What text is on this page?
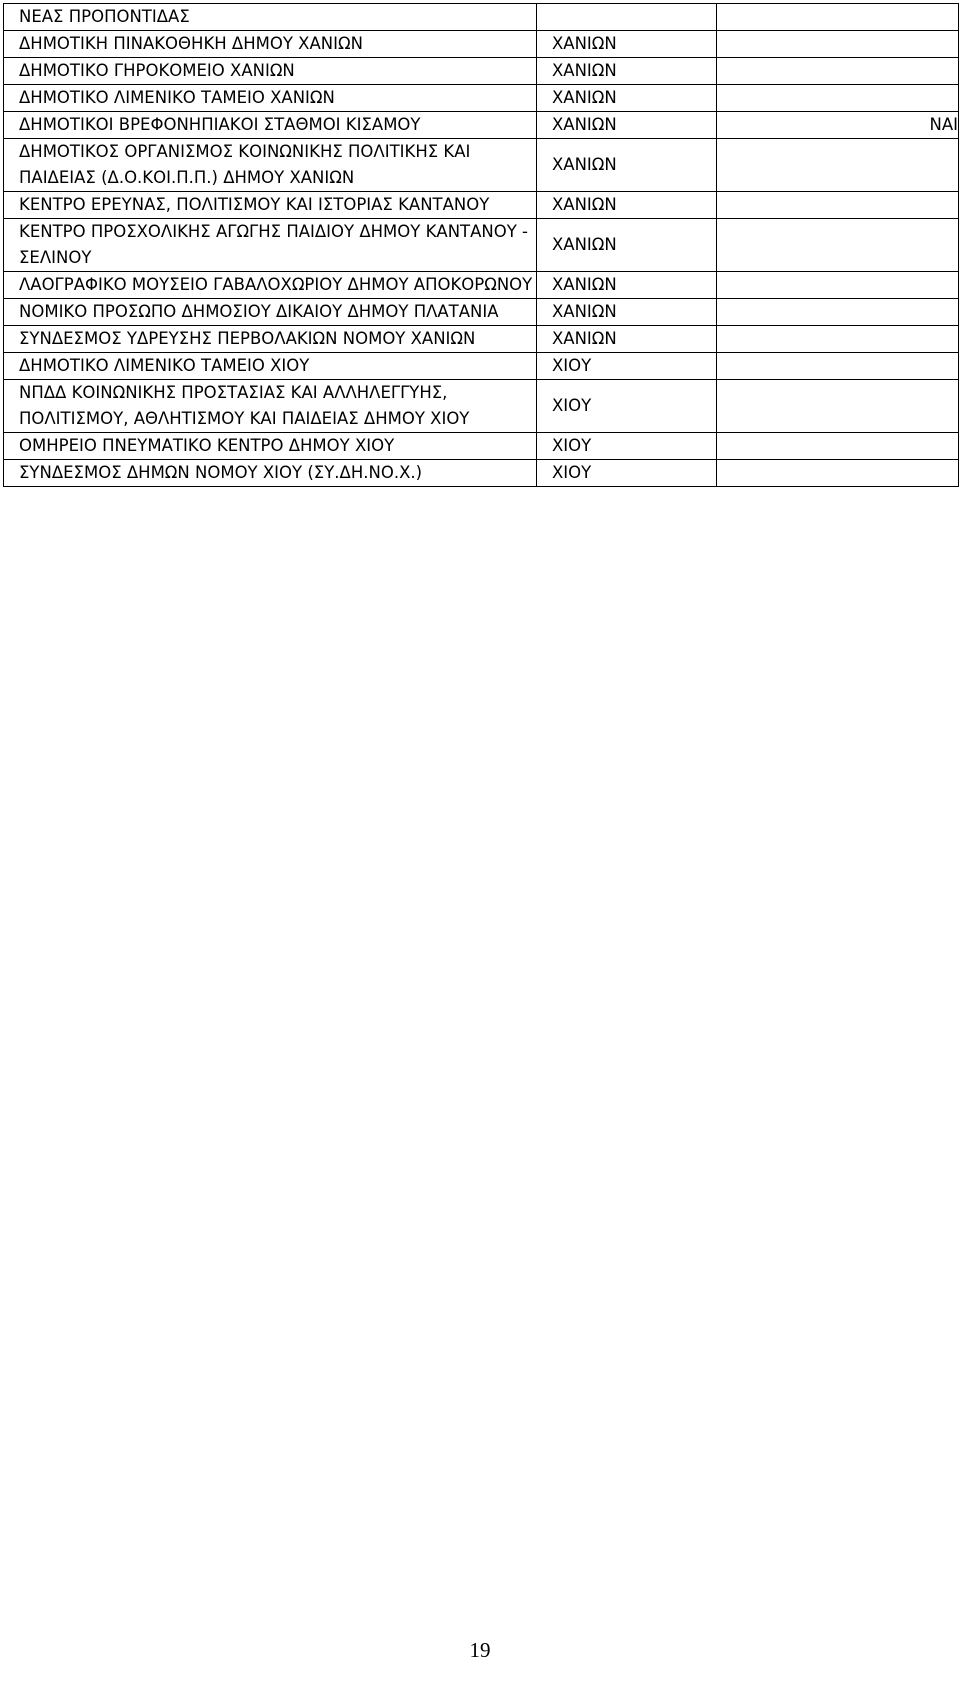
ΝΕΑΣ ΠΡΟΠΟΝΤΙΔΑΣ		

ΔΗΜΟΤΙΚΗ ΠΙΝΑΚΟΘΗΚΗ ΔΗΜΟΥ ΧΑΝΙΩΝ	ΧΑΝΙΩΝ	

ΔΗΜΟΤΙΚΟ ΓΗΡΟΚΟΜΕΙΟ ΧΑΝΙΩΝ	ΧΑΝΙΩΝ	

ΔΗΜΟΤΙΚΟ ΛΙΜΕΝΙΚΟ ΤΑΜΕΙΟ ΧΑΝΙΩΝ	ΧΑΝΙΩΝ	

ΔΗΜΟΤΙΚΟΙ ΒΡΕΦΟΝΗΠΙΑΚΟΙ ΣΤΑΘΜΟΙ ΚΙΣΑΜΟΥ	ΧΑΝΙΩΝ	ΝΑΙ

ΔΗΜΟΤΙΚΟΣ ΟΡΓΑΝΙΣΜΟΣ ΚΟΙΝΩΝΙΚΗΣ ΠΟΛΙΤΙΚΗΣ ΚΑΙ ΠΑΙΔΕΙΑΣ (Δ.Ο.ΚΟΙ.Π.Π.) ΔΗΜΟΥ ΧΑΝΙΩΝ	ΧΑΝΙΩΝ	

ΚΕΝΤΡΟ ΕΡΕΥΝΑΣ, ΠΟΛΙΤΙΣΜΟΥ ΚΑΙ ΙΣΤΟΡΙΑΣ ΚΑΝΤΑΝΟΥ	ΧΑΝΙΩΝ	

ΚΕΝΤΡΟ ΠΡΟΣΧΟΛΙΚΗΣ ΑΓΩΓΗΣ ΠΑΙΔΙΟΥ ΔΗΜΟΥ ΚΑΝΤΑΝΟΥ - ΣΕΛΙΝΟΥ	ΧΑΝΙΩΝ	

ΛΑΟΓΡΑΦΙΚΟ ΜΟΥΣΕΙΟ ΓΑΒΑΛΟΧΩΡΙΟΥ ΔΗΜΟΥ ΑΠΟΚΟΡΩΝΟΥ	ΧΑΝΙΩΝ	

ΝΟΜΙΚΟ ΠΡΟΣΩΠΟ ΔΗΜΟΣΙΟΥ ΔΙΚΑΙΟΥ ΔΗΜΟΥ ΠΛΑΤΑΝΙΑ	ΧΑΝΙΩΝ	

ΣΥΝΔΕΣΜΟΣ ΥΔΡΕΥΣΗΣ ΠΕΡΒΟΛΑΚΙΩΝ ΝΟΜΟΥ ΧΑΝΙΩΝ	ΧΑΝΙΩΝ	

ΔΗΜΟΤΙΚΟ ΛΙΜΕΝΙΚΟ ΤΑΜΕΙΟ ΧΙΟΥ	ΧΙΟΥ	

ΝΠΔΔ ΚΟΙΝΩΝΙΚΗΣ ΠΡΟΣΤΑΣΙΑΣ ΚΑΙ ΑΛΛΗΛΕΓΓΥΗΣ, ΠΟΛΙΤΙΣΜΟΥ, ΑΘΛΗΤΙΣΜΟΥ ΚΑΙ ΠΑΙΔΕΙΑΣ ΔΗΜΟΥ ΧΙΟΥ	ΧΙΟΥ	

ΟΜΗΡΕΙΟ ΠΝΕΥΜΑΤΙΚΟ ΚΕΝΤΡΟ ΔΗΜΟΥ ΧΙΟΥ	ΧΙΟΥ	

ΣΥΝΔΕΣΜΟΣ ΔΗΜΩΝ ΝΟΜΟΥ ΧΙΟΥ (ΣΥ.ΔΗ.ΝΟ.Χ.)	ΧΙΟΥ	

19
